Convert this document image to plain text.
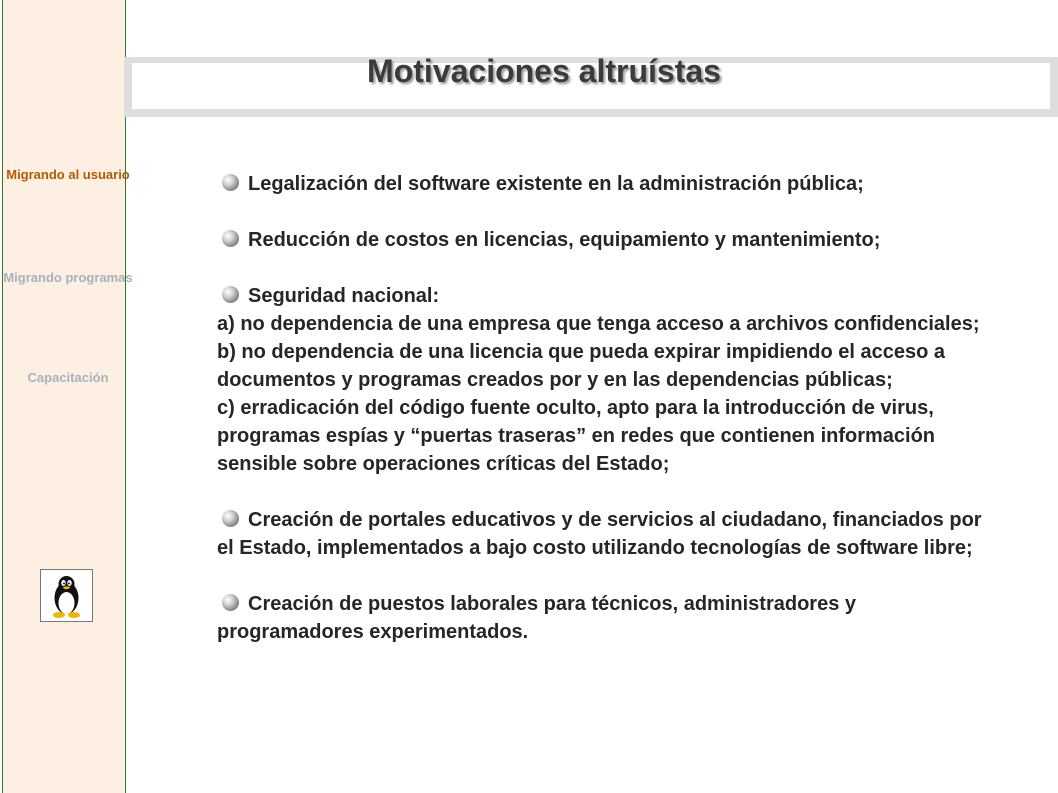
Migrando al usuario
Migrando programas
Capacitación
Motivaciones altruístas

Legalización del software existente en la administración pública;

Reducción de costos en licencias, equipamiento y mantenimiento;

Seguridad nacional:

a) no dependencia de una empresa que tenga acceso a archivos confidenciales;

b) no dependencia de una licencia que pueda expirar impidiendo el acceso a documentos y programas creados por y en las dependencias públicas;

c) erradicación del código fuente oculto, apto para la introducción de virus, programas espías y “puertas traseras” en redes que contienen información sensible sobre operaciones críticas del Estado;

Creación de portales educativos y de servicios al ciudadano, financiados por el Estado, implementados a bajo costo utilizando tecnologías de software libre;

Creación de puestos laborales para técnicos, administradores y programadores experimentados.
